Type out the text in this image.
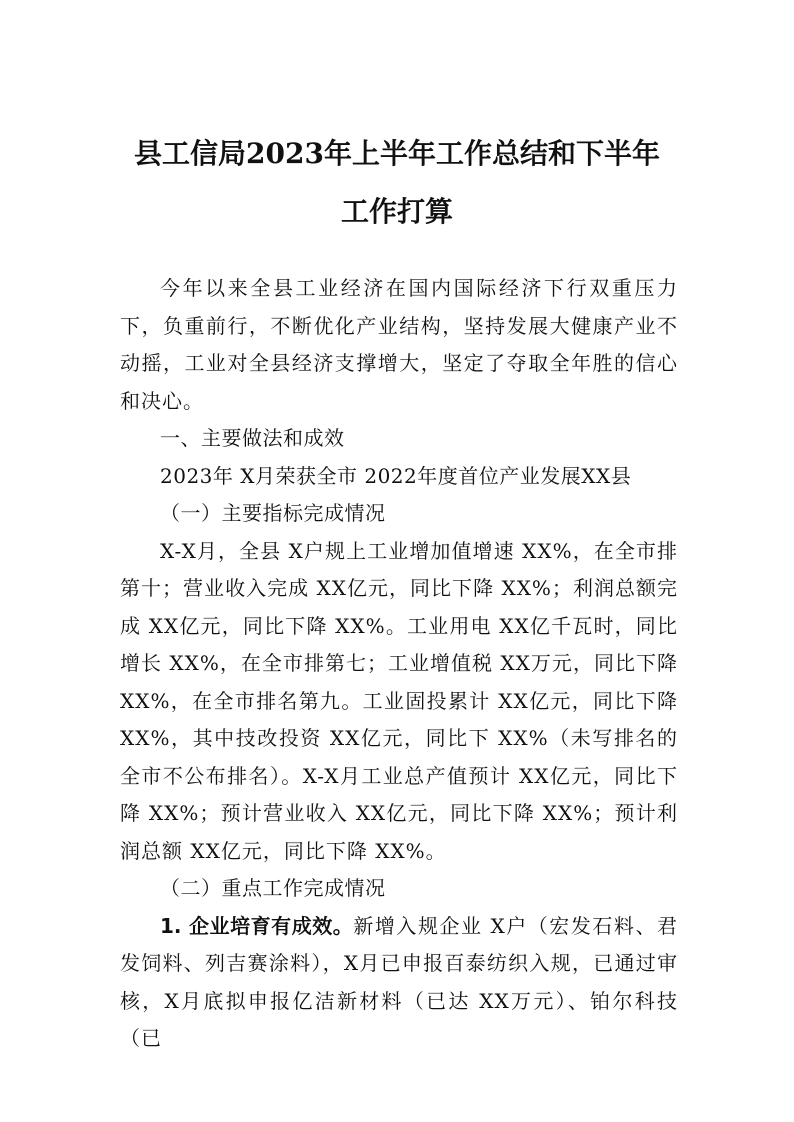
县工信局2023年上半年工作总结和下半年
工作打算

今年以来全县工业经济在国内国际经济下行双重压力下，负重前行，不断优化产业结构，坚持发展大健康产业不动摇，工业对全县经济支撑增大，坚定了夺取全年胜的信心和决心。

一、主要做法和成效

2023年 X月荣获全市 2022年度首位产业发展XX县

（一）主要指标完成情况

X-X月，全县 X户规上工业增加值增速 XX%，在全市排第十；营业收入完成 XX亿元，同比下降 XX%；利润总额完成 XX亿元，同比下降 XX%。工业用电 XX亿千瓦时，同比增长 XX%，在全市排第七；工业增值税 XX万元，同比下降XX%，在全市排名第九。工业固投累计 XX亿元，同比下降XX%，其中技改投资 XX亿元，同比下 XX%（未写排名的全市不公布排名）。X-X月工业总产值预计 XX亿元，同比下降 XX%；预计营业收入 XX亿元，同比下降 XX%；预计利润总额 XX亿元，同比下降 XX%。

（二）重点工作完成情况

1. 企业培育有成效。新增入规企业 X户（宏发石料、君发饲料、列吉赛涂料），X月已申报百泰纺织入规，已通过审核，X月底拟申报亿洁新材料（已达 XX万元）、铂尔科技（已
